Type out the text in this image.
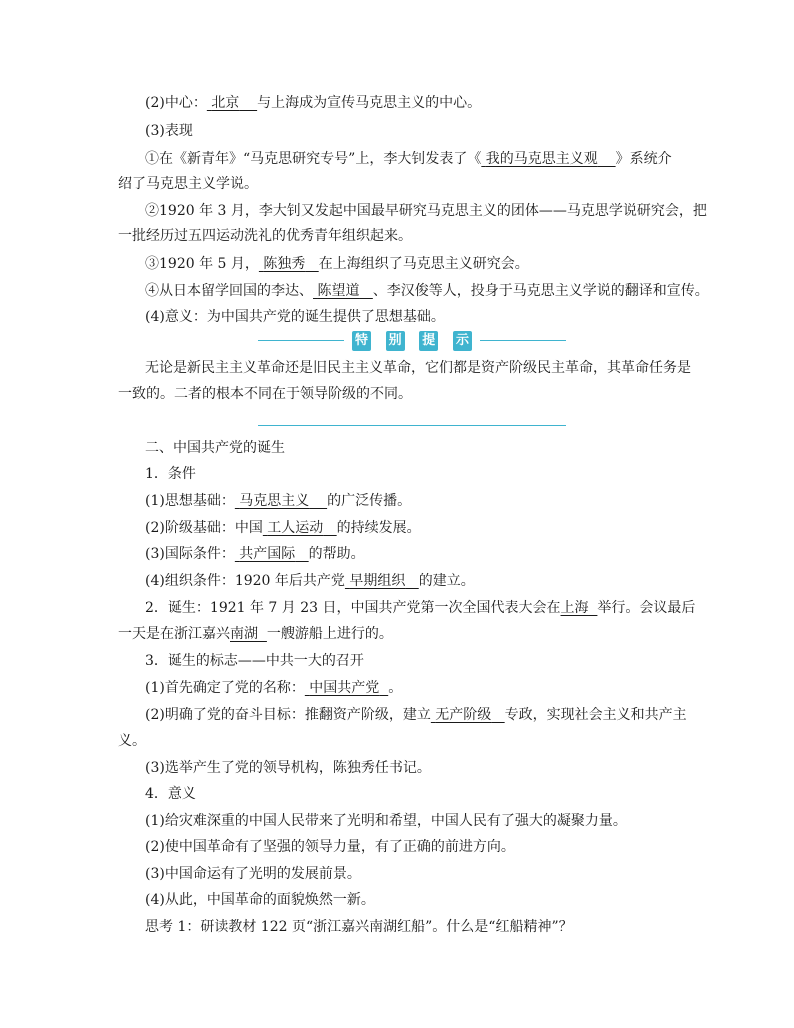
(2)中心： 北京 与上海成为宣传马克思主义的中心。
(3)表现
①在《新青年》“马克思研究专号”上，李大钊发表了《 我的马克思主义观 》系统介
绍了马克思主义学说。
②1920 年 3 月，李大钊又发起中国最早研究马克思主义的团体——马克思学说研究会，把
一批经历过五四运动洗礼的优秀青年组织起来。
③1920 年 5 月， 陈独秀 在上海组织了马克思主义研究会。
④从日本留学回国的李达、 陈望道 、李汉俊等人，投身于马克思主义学说的翻译和宣传。
(4)意义：为中国共产党的诞生提供了思想基础。
特 别 提 示
无论是新民主主义革命还是旧民主主义革命，它们都是资产阶级民主革命，其革命任务是
一致的。二者的根本不同在于领导阶级的不同。
二、中国共产党的诞生
1．条件
(1)思想基础： 马克思主义 的广泛传播。
(2)阶级基础：中国 工人运动 的持续发展。
(3)国际条件： 共产国际 的帮助。
(4)组织条件：1920 年后共产党 早期组织 的建立。
2．诞生：1921 年 7 月 23 日，中国共产党第一次全国代表大会在上海 举行。会议最后
一天是在浙江嘉兴南湖 一艘游船上进行的。
3．诞生的标志——中共一大的召开
(1)首先确定了党的名称： 中国共产党 。
(2)明确了党的奋斗目标：推翻资产阶级，建立 无产阶级 专政，实现社会主义和共产主
义。
(3)选举产生了党的领导机构，陈独秀任书记。
4．意义
(1)给灾难深重的中国人民带来了光明和希望，中国人民有了强大的凝聚力量。
(2)使中国革命有了坚强的领导力量，有了正确的前进方向。
(3)中国命运有了光明的发展前景。
(4)从此，中国革命的面貌焕然一新。
思考 1：研读教材 122 页“浙江嘉兴南湖红船”。什么是“红船精神”？
